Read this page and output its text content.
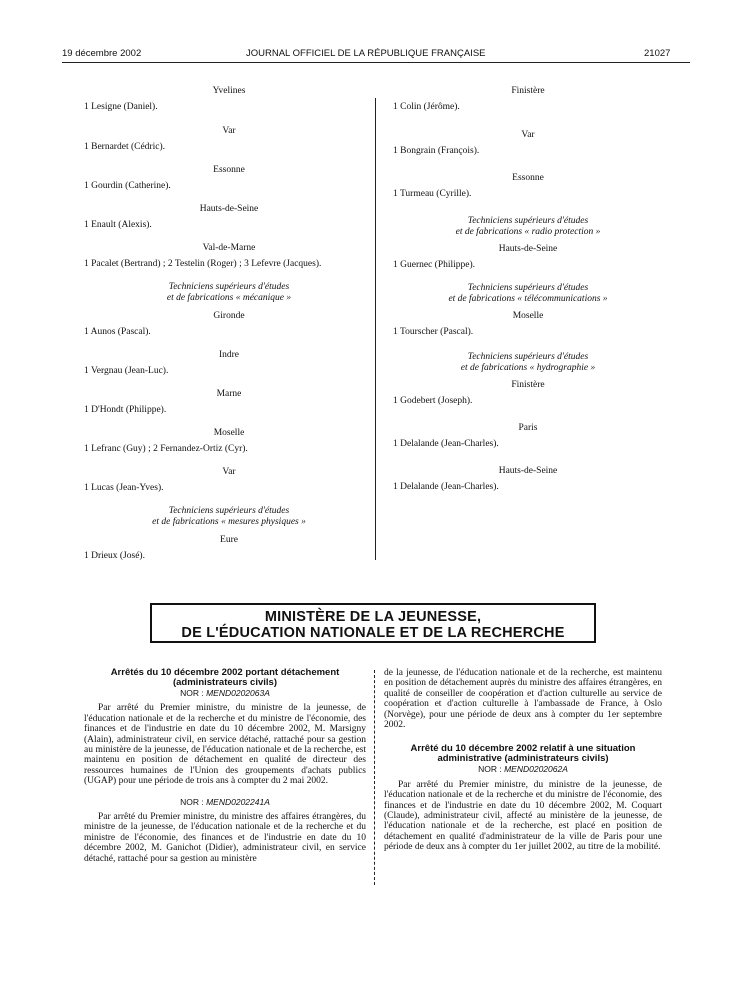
19 décembre 2002	JOURNAL OFFICIEL DE LA RÉPUBLIQUE FRANÇAISE	21027

Yvelines

1 Lesigne (Daniel).

Var

1 Bernardet (Cédric).

Essonne

1 Gourdin (Catherine).

Hauts-de-Seine

1 Enault (Alexis).

Val-de-Marne

1 Pacalet (Bertrand) ; 2 Testelin (Roger) ; 3 Lefevre (Jacques).

Techniciens supérieurs d'études

et de fabrications « mécanique »

Gironde

1 Aunos (Pascal).

Indre

1 Vergnau (Jean-Luc).

Marne

1 D'Hondt (Philippe).

Moselle

1 Lefranc (Guy) ; 2 Fernandez-Ortiz (Cyr).

Var

1 Lucas (Jean-Yves).

Techniciens supérieurs d'études

et de fabrications « mesures physiques »

Eure

1 Drieux (José).

Finistère

1 Colin (Jérôme).

Var

1 Bongrain (François).

Essonne

1 Turmeau (Cyrille).

Techniciens supérieurs d'études

et de fabrications « radio protection »

Hauts-de-Seine

1 Guernec (Philippe).

Techniciens supérieurs d'études

et de fabrications « télécommunications »

Moselle

1 Tourscher (Pascal).

Techniciens supérieurs d'études

et de fabrications « hydrographie »

Finistère

1 Godebert (Joseph).

Paris

1 Delalande (Jean-Charles).

Hauts-de-Seine

1 Delalande (Jean-Charles).

MINISTÈRE DE LA JEUNESSE,
DE L'ÉDUCATION NATIONALE ET DE LA RECHERCHE

Arrêtés du 10 décembre 2002 portant détachement (administrateurs civils)

NOR : MEND0202063A

Par arrêté du Premier ministre, du ministre de la jeunesse, de l'éducation nationale et de la recherche et du ministre de l'économie, des finances et de l'industrie en date du 10 décembre 2002, M. Marsigny (Alain), administrateur civil, en service détaché, rattaché pour sa gestion au ministère de la jeunesse, de l'éducation nationale et de la recherche, est maintenu en position de détachement en qualité de directeur des ressources humaines de l'Union des groupements d'achats publics (UGAP) pour une période de trois ans à compter du 2 mai 2002.

NOR : MEND0202241A

Par arrêté du Premier ministre, du ministre des affaires étrangères, du ministre de la jeunesse, de l'éducation nationale et de la recherche et du ministre de l'économie, des finances et de l'industrie en date du 10 décembre 2002, M. Ganichot (Didier), administrateur civil, en service détaché, rattaché pour sa gestion au ministère

de la jeunesse, de l'éducation nationale et de la recherche, est maintenu en position de détachement auprès du ministre des affaires étrangères, en qualité de conseiller de coopération et d'action culturelle au service de coopération et d'action culturelle à l'ambassade de France, à Oslo (Norvège), pour une période de deux ans à compter du 1er septembre 2002.

Arrêté du 10 décembre 2002 relatif à une situation administrative (administrateurs civils)

NOR : MEND0202062A

Par arrêté du Premier ministre, du ministre de la jeunesse, de l'éducation nationale et de la recherche et du ministre de l'économie, des finances et de l'industrie en date du 10 décembre 2002, M. Coquart (Claude), administrateur civil, affecté au ministère de la jeunesse, de l'éducation nationale et de la recherche, est placé en position de détachement en qualité d'administrateur de la ville de Paris pour une période de deux ans à compter du 1er juillet 2002, au titre de la mobilité.
